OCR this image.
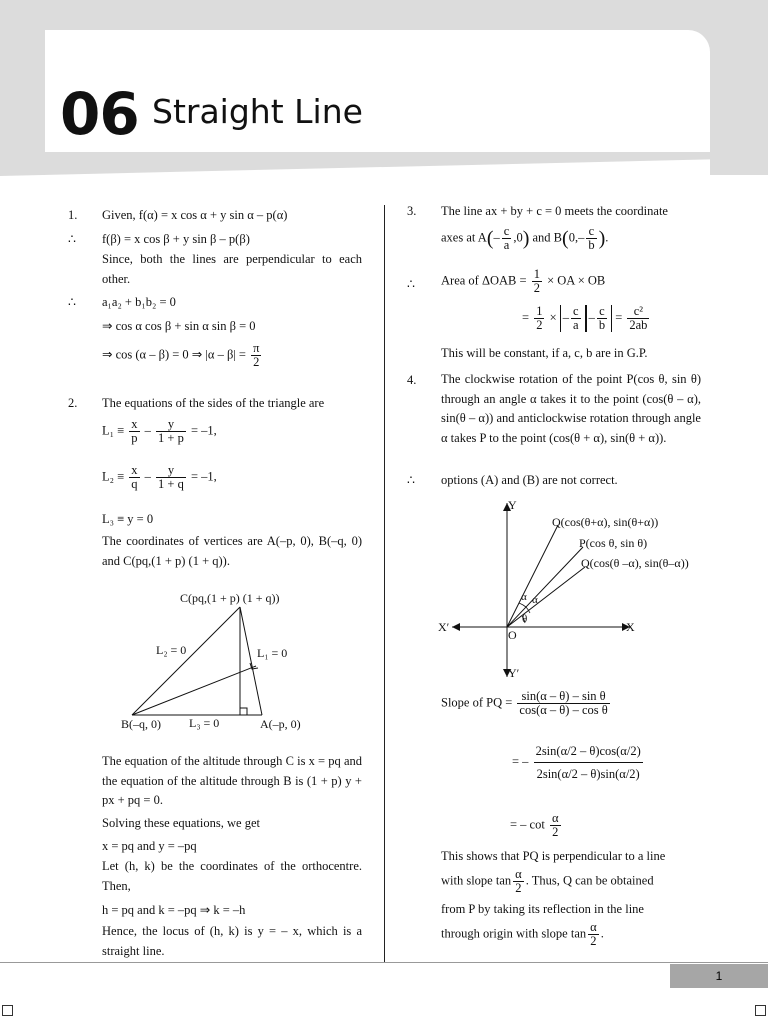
06 Straight Line
1. Given, f(α) = x cos α + y sin α – p(α)
∴ f(β) = x cos β + y sin β – p(β)
Since, both the lines are perpendicular to each other.
∴ a₁a₂ + b₁b₂ = 0
⇒ cos α cos β + sin α sin β = 0
⇒ cos (α – β) = 0 ⇒ $|\alpha - \beta| = \frac{\pi}{2}$
2. The equations of the sides of the triangle are
$L_1 \equiv \frac{x}{p} - \frac{y}{1 + p} = -1$,
$L_2 \equiv \frac{x}{q} - \frac{y}{1 + q} = -1$,
L₃ ≡ y = 0
The coordinates of vertices are A(–p, 0), B(–q, 0) and C(pq,(1 + p) (1 + q)).
C(pq,(1 + p) (1 + q))
L₂ = 0	L₁ = 0
B(–q, 0) L₃ = 0	A(–p, 0)
The equation of the altitude through C is x = pq and the equation of the altitude through B is (1 + p) y + px + pq = 0.
Solving these equations, we get
x = pq and y = –pq
Let (h, k) be the coordinates of the orthocentre. Then,
h = pq and k = –pq ⇒ k = –h
Hence, the locus of (h, k) is y = – x, which is a straight line.
3. The line ax + by + c = 0 meets the coordinate
axes at $A(- \frac{c}{a} ,0)$ and $B(0,- \frac{c}{b}$ ).
∴ Area of $\Delta OAB = \frac{1}{2}$ × OA × OB
= $\frac{1}{2}$ × – $\frac{c}{a} - \frac{c}{b} = \frac{\text{c²}}{2ab}$
This will be constant, if a, c, b are in G.P.
4. The clockwise rotation of the point P(cos θ, sin θ) through an angle α takes it to the point (cos(θ – α), sin(θ – α)) and anticlockwise rotation through angle α takes P to the point (cos(θ + α), sin(θ + α)).
∴ options (A) and (B) are not correct.
Y
Q(cos(θ+α), sin(θ+α))
P(cos θ, sin θ)
Q(cos(θ –α), sin(θ–α))
α α
θ
X′	X
O
Y′
Slope of PQ = $\frac{\text{sin(α – θ) – sin θ}}{\text{cos(α – θ) – cos θ}}$
= – $\frac{2\sin(\alpha/2 - \theta)\cos(\alpha/2)}{2\sin(\alpha/2 - \theta)\sin(\alpha/2)}$
= – $\cot \frac{\alpha}{2}$
This shows that PQ is perpendicular to a line
with slope $\tan \frac{\alpha}{2}$ . Thus, Q can be obtained
from P by taking its reflection in the line
through origin with slope $\tan \frac{\alpha}{2}$ .
1
